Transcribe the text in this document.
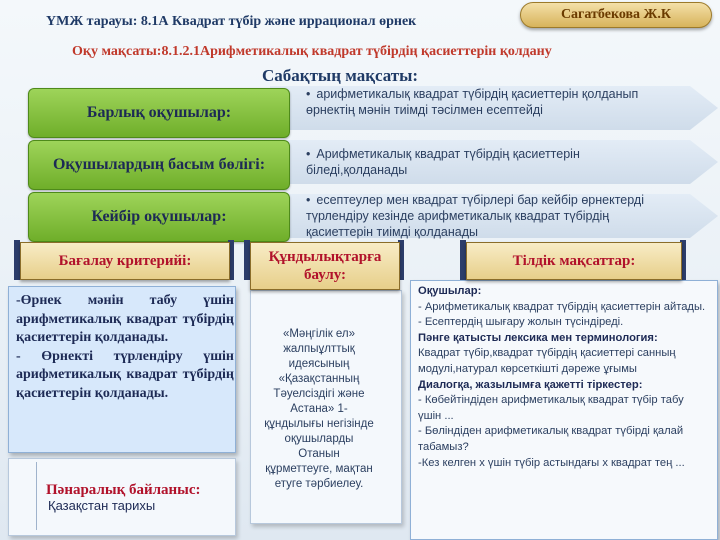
ҮМЖ тарауы: 8.1А Квадрат түбір және иррационал өрнек	Сагатбекова Ж.К
Оқу мақсаты:8.1.2.1Арифметикалық квадрат түбірдің қасиеттерін қолдану
Сабақтың мақсаты:
Барлық оқушылар:
• арифметикалық квадрат түбірдің қасиеттерін қолданып өрнектің мәнін тиімді тәсілмен есептейді
Оқушылардың басым бөлігі:
• Арифметикалық квадрат түбірдің қасиеттерін біледі,қолданады
Кейбір оқушылар:
• есептеулер мен квадрат түбірлері бар кейбір өрнектерді түрлендіру кезінде арифметикалық квадрат түбірдің қасиеттерін тиімді қолданады
Бағалау критерийі:
-Өрнек мәнін табу үшін арифметикалық квадрат түбірдің қасиеттерін қолданады.
- Өрнекті түрлендіру үшін арифметикалық квадрат түбірдің қасиеттерін қолданады.
Құндылықтарға баулу:
«Мәңгілік ел» жалпыұлттық идеясының «Қазақстанның Тәуелсіздігі және Астана» 1-құндылығы негізінде оқушыларды Отанын құрметтеуге, мақтан етуге тәрбиелеу.
Тілдік мақсаттар:
Оқушылар:
- Арифметикалық квадрат түбірдің қасиеттерін айтады.
- Есептердің шығару жолын түсіндіреді.
Пәнге қатысты лексика мен терминология:
Квадрат түбір,квадрат түбірдің қасиеттері санның модулі,натурал көрсеткішті дәреже ұғымы
Диалогқа, жазылымға қажетті тіркестер:
- Көбейтіндіден арифметикалық квадрат түбір табу үшін ...
- Бөліндіден арифметикалық квадрат түбірді қалай табамыз?
-Кез келген х үшін түбір астындағы х квадрат тең ...
Пәнаралық байланыс:
Қазақстан тарихы
